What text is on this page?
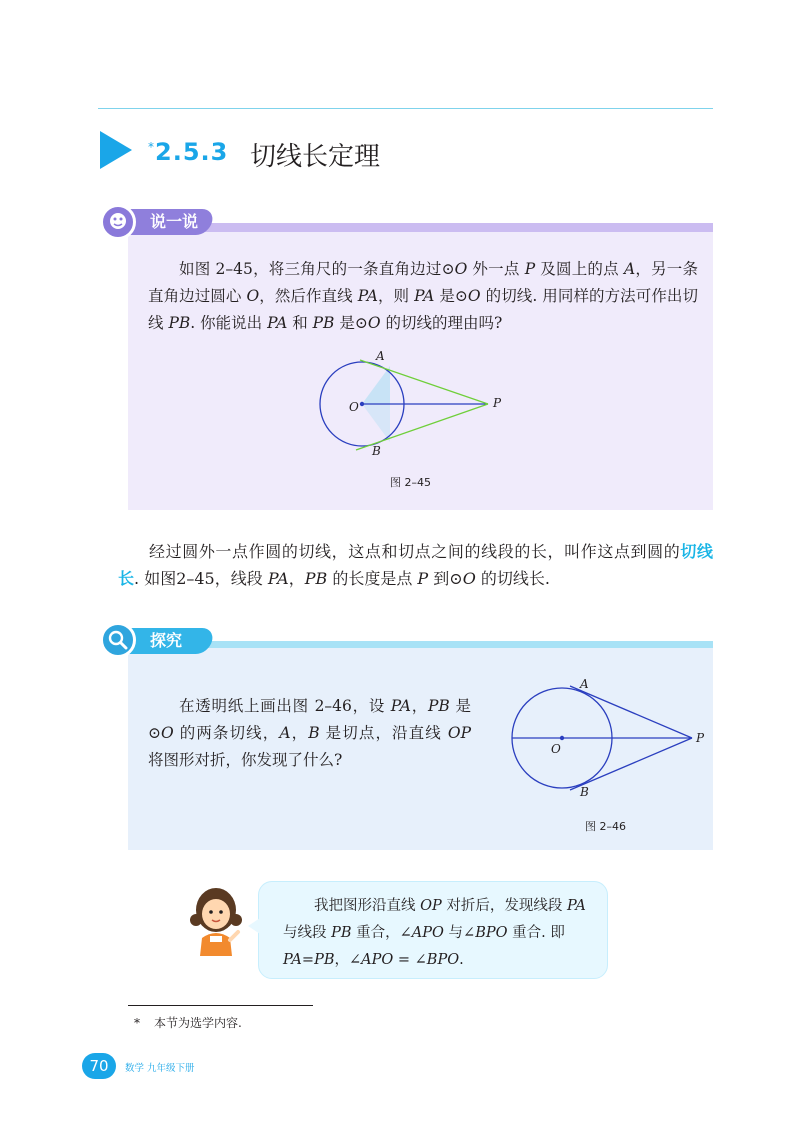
*2.5.3 切线长定理
说一说
如图 2–45，将三角尺的一条直角边过⊙O 外一点 P 及圆上的点 A，另一条直角边过圆心 O，然后作直线 PA，则 PA 是⊙O 的切线. 用同样的方法可作出切线 PB. 你能说出 PA 和 PB 是⊙O 的切线的理由吗?
A
B
O	P
图 2–45
经过圆外一点作圆的切线，这点和切点之间的线段的长，叫作这点到圆的切线长. 如图2–45，线段 PA，PB 的长度是点 P 到⊙O 的切线长.
探究
在透明纸上画出图 2–46，设 PA，PB 是⊙O 的两条切线，A，B 是切点，沿直线 OP 将图形对折，你发现了什么?
A
B
O
P
图 2–46
我把图形沿直线 OP 对折后，发现线段 PA 与线段 PB 重合，∠APO 与∠BPO 重合. 即 PA=PB，∠APO = ∠BPO.
* 本节为选学内容.
70	数学 九年级下册
